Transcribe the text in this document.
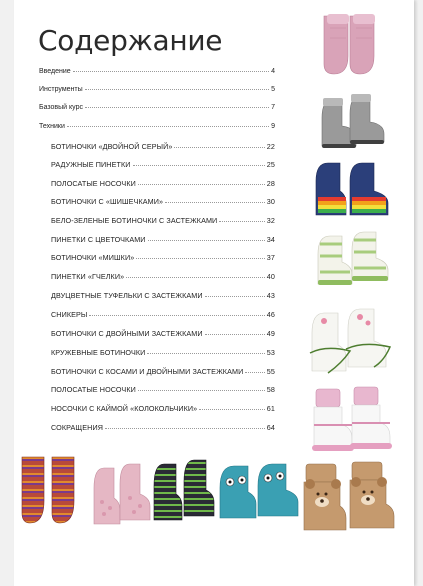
Содержание
Введение	4
Инструменты	5
Базовый курс	7
Техники	9
БОТИНОЧКИ «ДВОЙНОЙ СЕРЫЙ»	22
РАДУЖНЫЕ ПИНЕТКИ	25
ПОЛОСАТЫЕ НОСОЧКИ	28
БОТИНОЧКИ С «ШИШЕЧКАМИ»	30
БЕЛО-ЗЕЛЕНЫЕ БОТИНОЧКИ С ЗАСТЕЖКАМИ	32
ПИНЕТКИ С ЦВЕТОЧКАМИ	34
БОТИНОЧКИ «МИШКИ»	37
ПИНЕТКИ «ГЧЕЛКИ»	40
ДВУЦВЕТНЫЕ ТУФЕЛЬКИ С ЗАСТЕЖКАМИ	43
СНИКЕРЫ	46
БОТИНОЧКИ С ДВОЙНЫМИ ЗАСТЕЖКАМИ	49
КРУЖЕВНЫЕ БОТИНОЧКИ	53
БОТИНОЧКИ С КОСАМИ И ДВОЙНЫМИ ЗАСТЕЖКАМИ	55
ПОЛОСАТЫЕ НОСОЧКИ	58
НОСОЧКИ С КАЙМОЙ «КОЛОКОЛЬЧИКИ»	61
СОКРАЩЕНИЯ	64
